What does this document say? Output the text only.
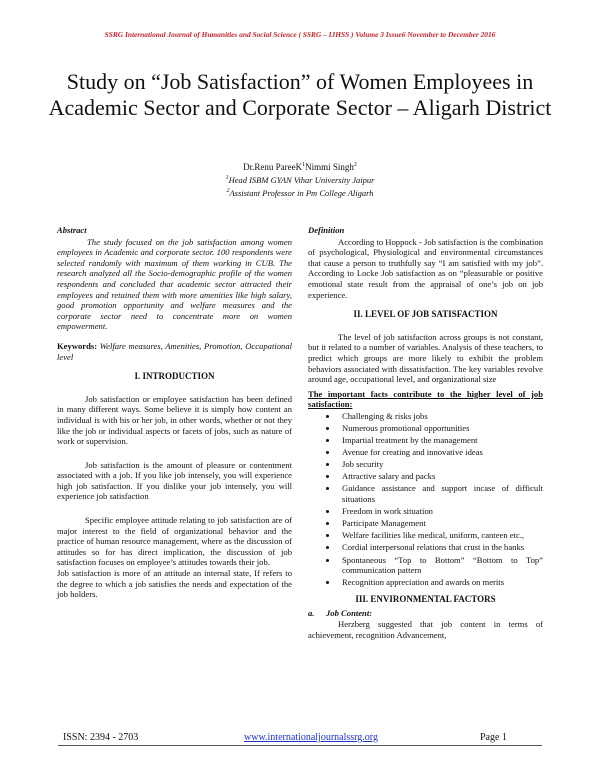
SSRG International Journal of Humanities and Social Science ( SSRG – IJHSS ) Volume 3 Issue6 November to December 2016
Study on “Job Satisfaction” of Women Employees in Academic Sector and Corporate Sector – Aligarh District
Dr.Renu PareeK$^1$Nimmi Singh$^2$
$^1$Head ISBM GYAN Vihar University Jaipur
$^2$Assistant Professor in Pm College Aligarh

Abstract

The study focused on the job satisfaction among women employees in Academic and corporate sector. 100 respondents were selected randomly with maximum of them working in CUB. The research analyzed all the Socio-demographic profile of the women respondents and concluded that academic sector attracted their employees and retained them with more amenities like high salary, good promotion opportunity and welfare measures and the corporate sector need to concentrate more on women empowerment.

Keywords: Welfare measures, Amenities, Promotion, Occupational level

I. INTRODUCTION

Job satisfaction or employee satisfaction has been defined in many different ways. Some believe it is simply how content an individual is with his or her job, in other words, whether or not they like the job or individual aspects or facets of jobs, such as nature of work or supervision.

Job satisfaction is the amount of pleasure or contentment associated with a job. If you like job intensely, you will experience high job satisfaction. If you dislike your job intensely, you will experience job satisfaction

Specific employee attitude relating to job satisfaction are of major interest to the field of organizational behavior and the practice of human resource management, where as the discussion of attitudes so for has direct implication, the discussion of job satisfaction focuses on employee’s attitudes towards their job.

Job satisfaction is more of an attitude an internal state, If refers to the degree to which a job satisfies the needs and expectation of the job holders.

Definition

According to Hoppock - Job satisfaction is the combination of psychological, Physiological and environmental circumstances that cause a person to truthfully say “I am satisfied with my job”. According to Locke Job satisfaction as on “pleasurable or positive emotional state result from the appraisal of one’s job on job experience.

II. LEVEL OF JOB SATISFACTION

The level of job satisfaction across groups is not constant, but it related to a number of variables. Analysis of these teachers, to predict which groups are more likely to exhibit the problem behaviors associated with dissatisfaction. The key variables revolve around age, occupational level, and organizational size

The important facts contribute to the higher level of job satisfaction:

• Challenging & risks jobs
• Numerous promotional opportunities
• Impartial treatment by the management
• Avenue for creating and innovative ideas
• Job security
• Attractive salary and packs
• Guidance assistance and support incase of difficult situations
• Freedom in work situation
• Participate Management
• Welfare facilities like medical, uniform, canteen etc.,
• Cordial interpersonal relations that crust in the banks
• Spontaneous “Top to Bottom” “Bottom to Top” communication pattern
• Recognition appreciation and awards on merits
III. ENVIRONMENTAL FACTORS

a. Job Content:

Herzberg suggested that job content in terms of achievement, recognition Advancement,

ISSN: 2394 - 2703	www.internationaljournalssrg.org	Page 1
